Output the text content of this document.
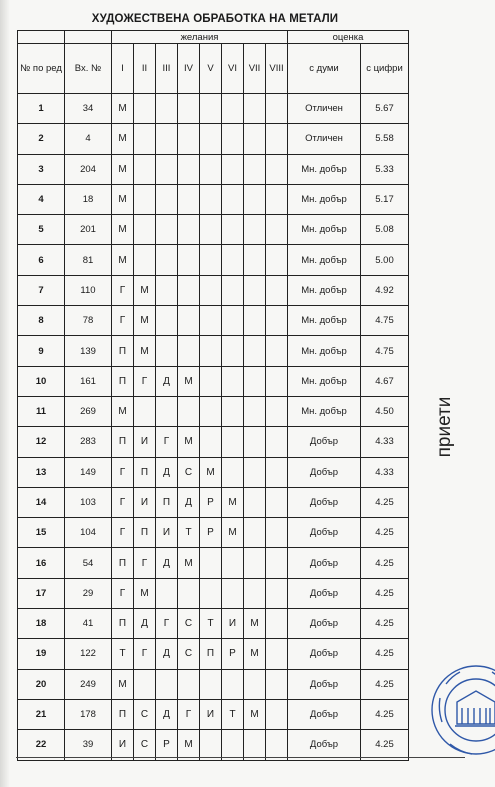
ХУДОЖЕСТВЕНА ОБРАБОТКА НА МЕТАЛИ
		желания								оценка	
№ по ред	Вх. №	I	II	III	IV	V	VI	VII	VIII	с думи	с цифри
1	34	М								Отличен	5.67
2	4	М								Отличен	5.58
3	204	М								Мн. добър	5.33
4	18	М								Мн. добър	5.17
5	201	М								Мн. добър	5.08
6	81	М								Мн. добър	5.00
7	110	Г	М							Мн. добър	4.92
8	78	Г	М							Мн. добър	4.75
9	139	П	М							Мн. добър	4.75
10	161	П	Г	Д	М					Мн. добър	4.67
11	269	М								Мн. добър	4.50
12	283	П	И	Г	М					Добър	4.33
13	149	Г	П	Д	С	М				Добър	4.33
14	103	Г	И	П	Д	Р	М			Добър	4.25
15	104	Г	П	И	Т	Р	М			Добър	4.25
16	54	П	Г	Д	М					Добър	4.25
17	29	Г	М							Добър	4.25
18	41	П	Д	Г	С	Т	И	М		Добър	4.25
19	122	Т	Г	Д	С	П	Р	М		Добър	4.25
20	249	М								Добър	4.25
21	178	П	С	Д	Г	И	Т	М		Добър	4.25
22	39	И	С	Р	М					Добър	4.25
приети
